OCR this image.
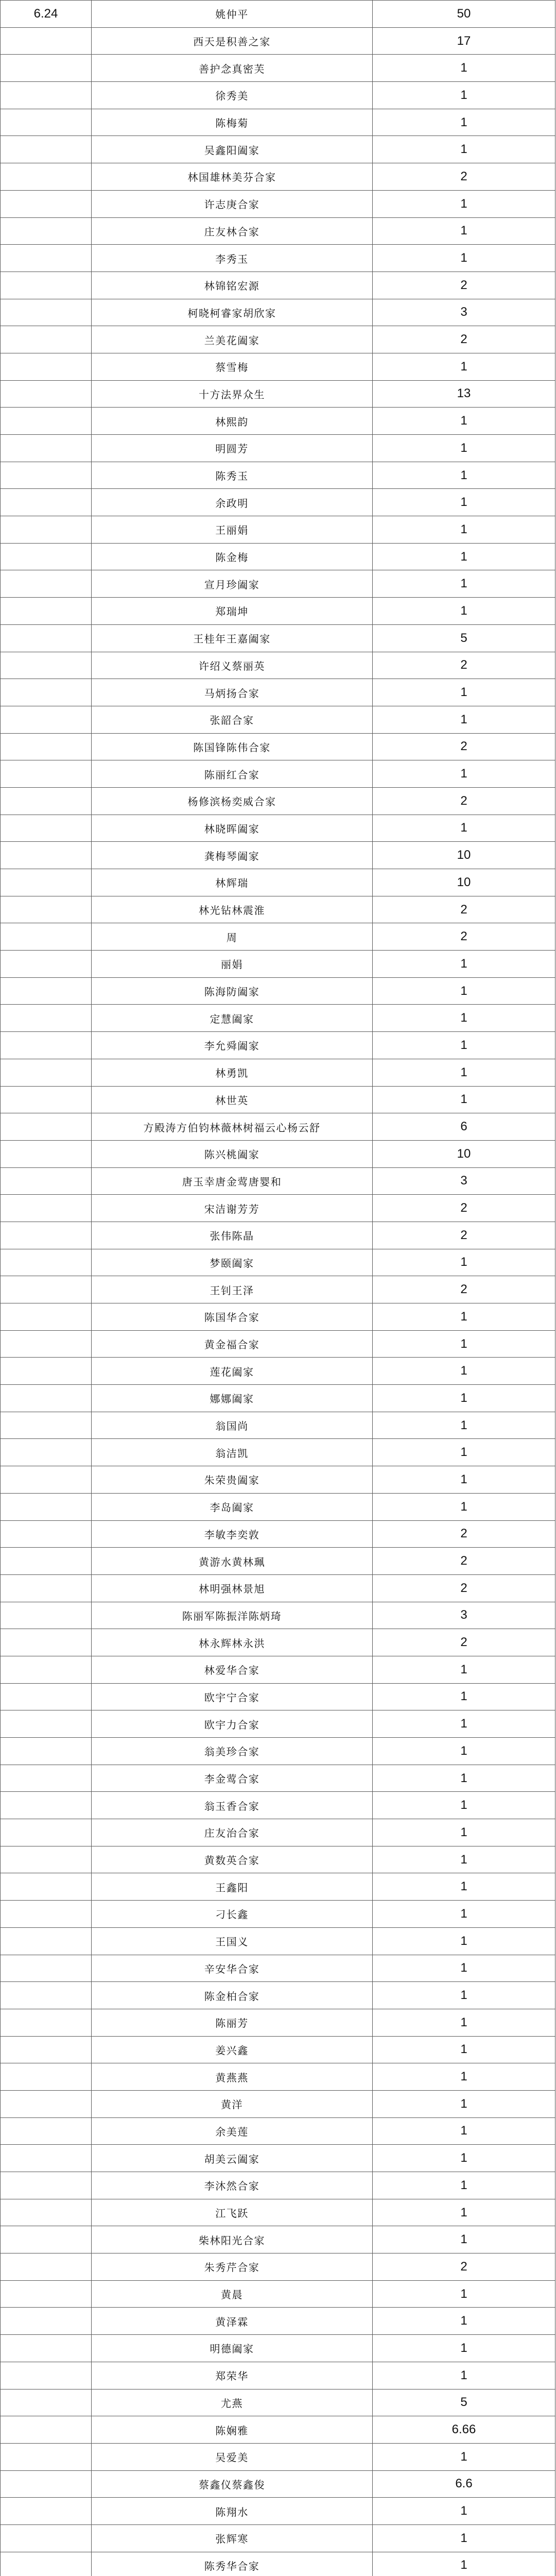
6.24	姚仲平	50
	西天是积善之家	17
	善护念真密芙	1
	徐秀美	1
	陈梅菊	1
	吴鑫阳阖家	1
	林国雄林美芬合家	2
	许志庚合家	1
	庄友林合家	1
	李秀玉	1
	林锦铭宏源	2
	柯晓柯睿家胡欣家	3
	兰美花阖家	2
	蔡雪梅	1
	十方法界众生	13
	林熙韵	1
	明圆芳	1
	陈秀玉	1
	余政明	1
	王丽娟	1
	陈金梅	1
	宣月珍阖家	1
	郑瑞坤	1
	王桂年王嘉阖家	5
	许绍义蔡丽英	2
	马炳扬合家	1
	张韶合家	1
	陈国锋陈伟合家	2
	陈丽红合家	1
	杨修滨杨奕威合家	2
	林晓晖阖家	1
	龚梅琴阖家	10
	林辉瑞	10
	林光钻林震淮	2
	周	2
	丽娟	1
	陈海防阖家	1
	定慧阖家	1
	李允舜阖家	1
	林勇凯	1
	林世英	1
	方殿涛方伯钧林薇林树福云心杨云舒	6
	陈兴桃阖家	10
	唐玉幸唐金莺唐婴和	3
	宋洁谢芳芳	2
	张伟陈晶	2
	梦颐阖家	1
	王钊王泽	2
	陈国华合家	1
	黄金福合家	1
	莲花阖家	1
	娜娜阖家	1
	翁国尚	1
	翁洁凯	1
	朱荣贵阖家	1
	李岛阖家	1
	李敏李奕敦	2
	黄游水黄林珮	2
	林明强林景旭	2
	陈丽军陈振洋陈炳琦	3
	林永辉林永洪	2
	林爱华合家	1
	欧宇宁合家	1
	欧宇力合家	1
	翁美珍合家	1
	李金莺合家	1
	翁玉香合家	1
	庄友治合家	1
	黄数英合家	1
	王鑫阳	1
	刁长鑫	1
	王国义	1
	辛安华合家	1
	陈金柏合家	1
	陈丽芳	1
	姜兴鑫	1
	黄燕燕	1
	黄洋	1
	余美莲	1
	胡美云阖家	1
	李沐然合家	1
	江飞跃	1
	柴林阳光合家	1
	朱秀芹合家	2
	黄晨	1
	黄泽霖	1
	明德阖家	1
	郑荣华	1
	尤燕	5
	陈娴雅	6.66
	吴爱美	1
	蔡鑫仪蔡鑫俊	6.6
	陈翔水	1
	张辉寒	1
	陈秀华合家	1
